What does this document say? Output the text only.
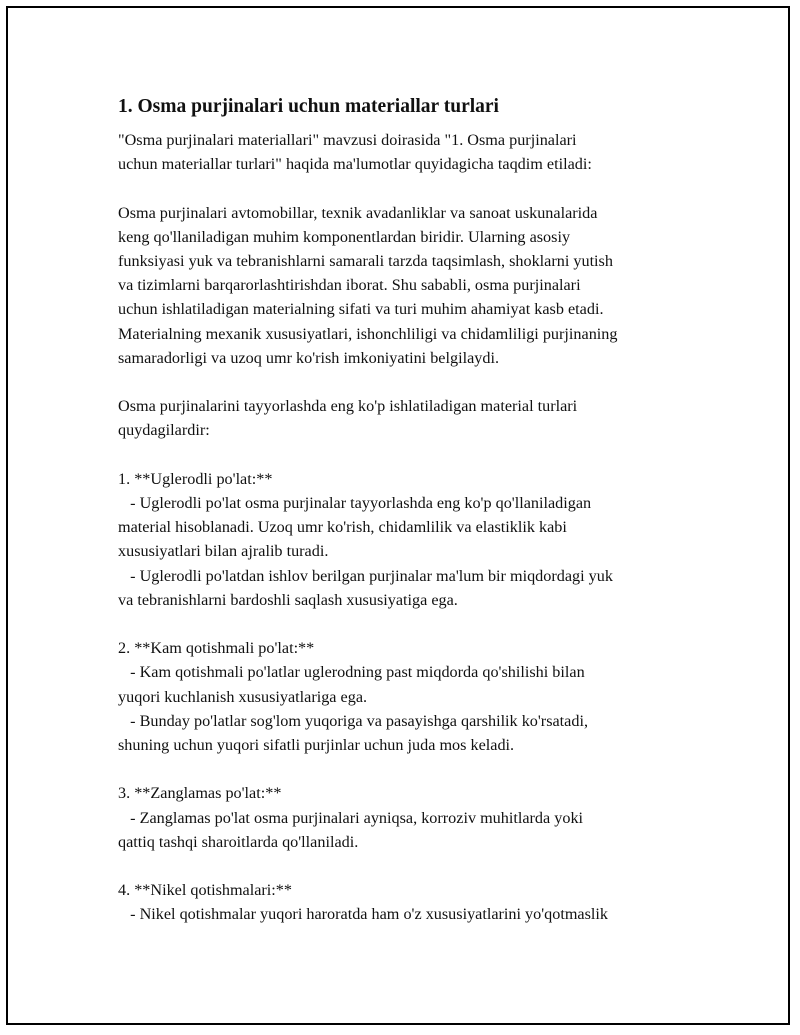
1. Osma purjinalari uchun materiallar turlari

"Osma purjinalari materiallari" mavzusi doirasida "1. Osma purjinalari
uchun materiallar turlari" haqida ma'lumotlar quyidagicha taqdim etiladi:

Osma purjinalari avtomobillar, texnik avadanliklar va sanoat uskunalarida
keng qo'llaniladigan muhim komponentlardan biridir. Ularning asosiy
funksiyasi yuk va tebranishlarni samarali tarzda taqsimlash, shoklarni yutish
va tizimlarni barqarorlashtirishdan iborat. Shu sababli, osma purjinalari
uchun ishlatiladigan materialning sifati va turi muhim ahamiyat kasb etadi.
Materialning mexanik xususiyatlari, ishonchliligi va chidamliligi purjinaning
samaradorligi va uzoq umr ko'rish imkoniyatini belgilaydi.

Osma purjinalarini tayyorlashda eng ko'p ishlatiladigan material turlari
quydagilardir:

1. **Uglerodli po'lat:**

- Uglerodli po'lat osma purjinalar tayyorlashda eng ko'p qo'llaniladigan
material hisoblanadi. Uzoq umr ko'rish, chidamlilik va elastiklik kabi
xususiyatlari bilan ajralib turadi.

- Uglerodli po'latdan ishlov berilgan purjinalar ma'lum bir miqdordagi yuk
va tebranishlarni bardoshli saqlash xususiyatiga ega.

2. **Kam qotishmali po'lat:**

- Kam qotishmali po'latlar uglerodning past miqdorda qo'shilishi bilan
yuqori kuchlanish xususiyatlariga ega.

- Bunday po'latlar sog'lom yuqoriga va pasayishga qarshilik ko'rsatadi,
shuning uchun yuqori sifatli purjinlar uchun juda mos keladi.

3. **Zanglamas po'lat:**

- Zanglamas po'lat osma purjinalari ayniqsa, korroziv muhitlarda yoki
qattiq tashqi sharoitlarda qo'llaniladi.

4. **Nikel qotishmalari:**

- Nikel qotishmalar yuqori haroratda ham o'z xususiyatlarini yo'qotmaslik
